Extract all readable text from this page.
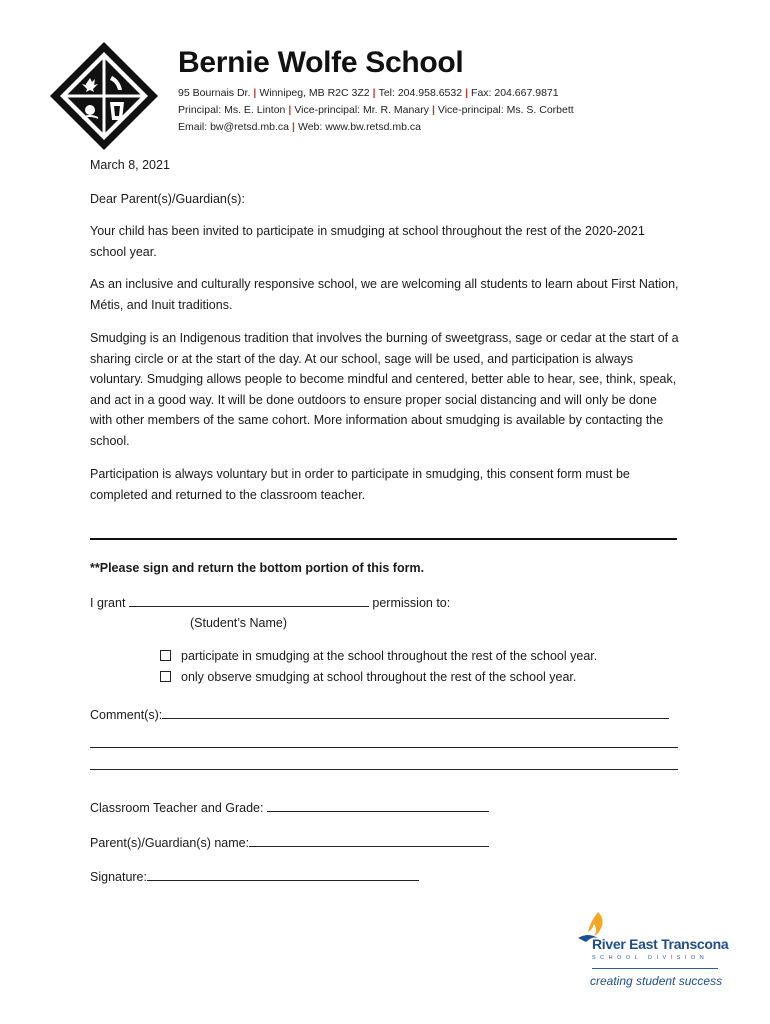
Bernie Wolfe School
95 Bournais Dr. | Winnipeg, MB R2C 3Z2 | Tel: 204.958.6532 | Fax: 204.667.9871
Principal: Ms. E. Linton | Vice-principal: Mr. R. Manary | Vice-principal: Ms. S. Corbett
Email: bw@retsd.mb.ca | Web: www.bw.retsd.mb.ca
March 8, 2021
Dear Parent(s)/Guardian(s):
Your child has been invited to participate in smudging at school throughout the rest of the 2020-2021 school year.
As an inclusive and culturally responsive school, we are welcoming all students to learn about First Nation, Métis, and Inuit traditions.
Smudging is an Indigenous tradition that involves the burning of sweetgrass, sage or cedar at the start of a sharing circle or at the start of the day. At our school, sage will be used, and participation is always voluntary. Smudging allows people to become mindful and centered, better able to hear, see, think, speak, and act in a good way. It will be done outdoors to ensure proper social distancing and will only be done with other members of the same cohort. More information about smudging is available by contacting the school.
Participation is always voluntary but in order to participate in smudging, this consent form must be completed and returned to the classroom teacher.
**Please sign and return the bottom portion of this form.
I grant	permission to:
(Student’s Name)
participate in smudging at the school throughout the rest of the school year.
only observe smudging at school throughout the rest of the school year.
Comment(s):
Classroom Teacher and Grade:
Parent(s)/Guardian(s) name:
Signature:
River East Transcona
SCHOOL DIVISION
creating student success
